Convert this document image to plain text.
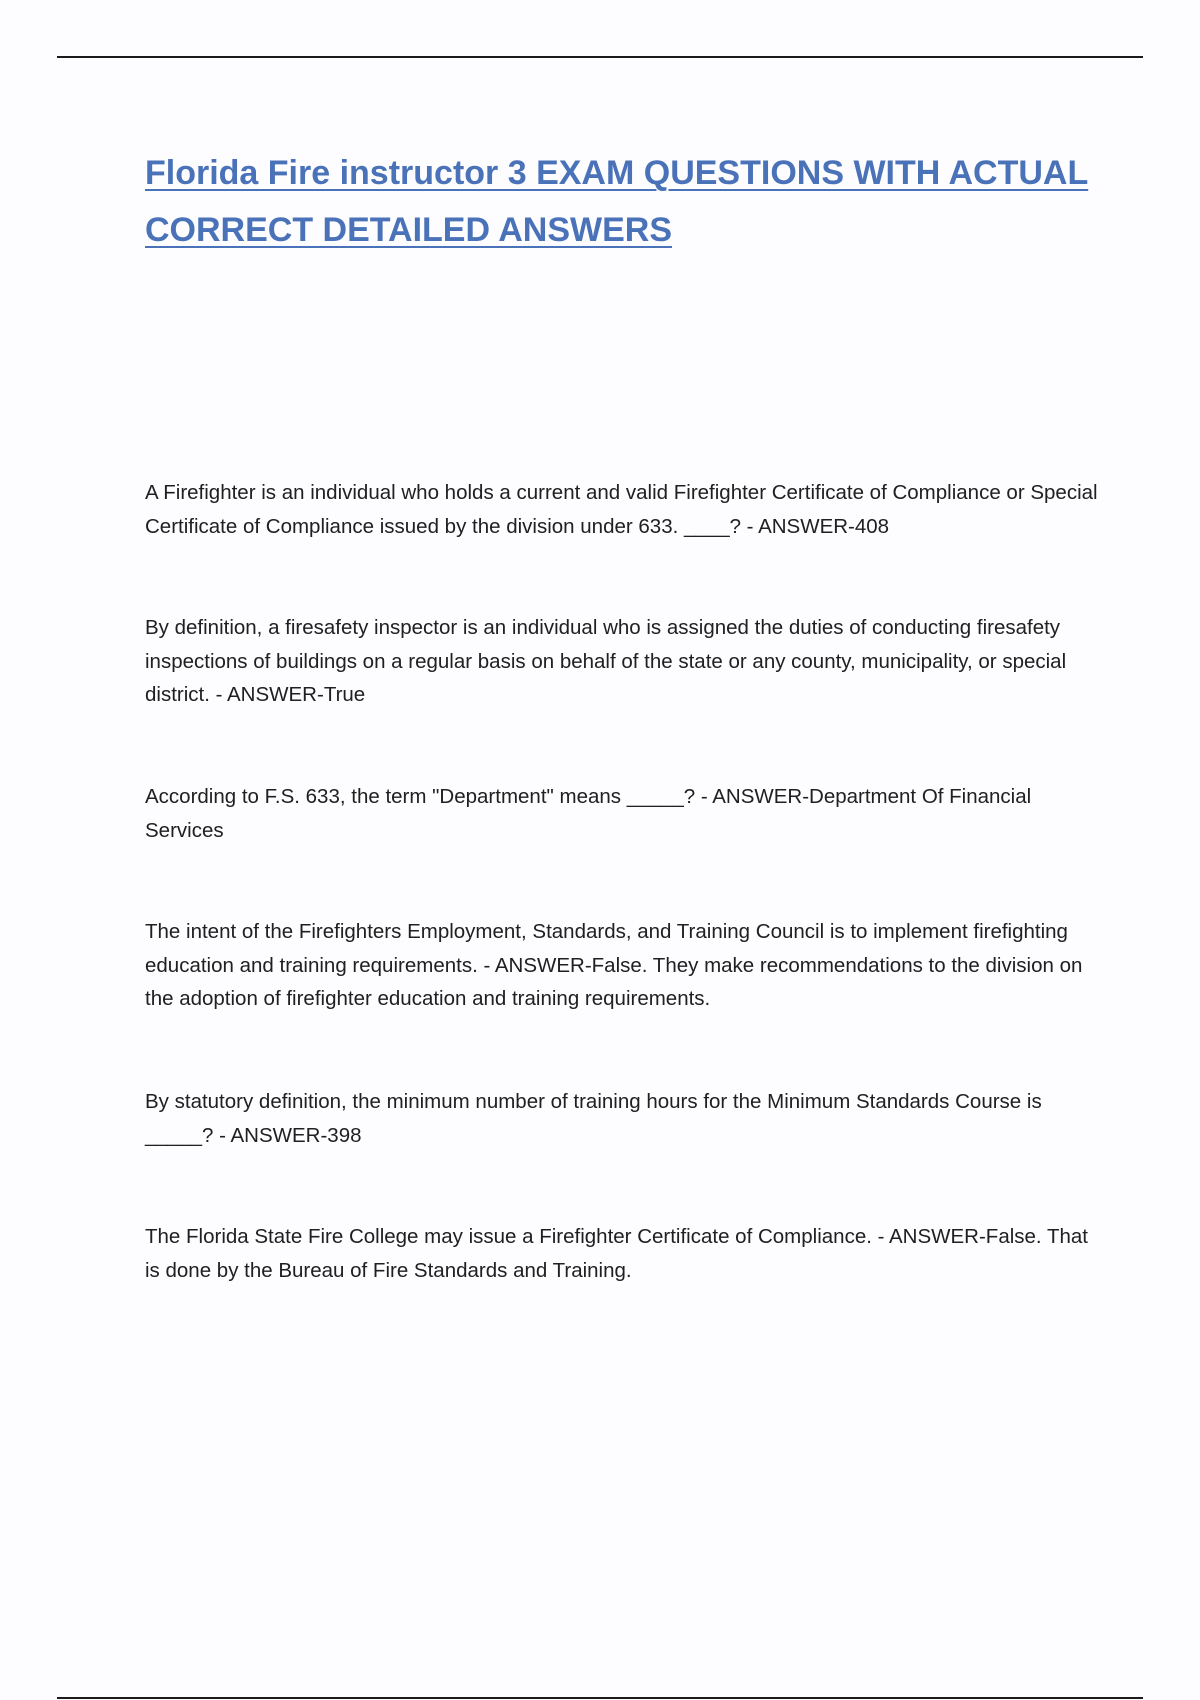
Florida Fire instructor 3 EXAM QUESTIONS WITH ACTUAL CORRECT DETAILED ANSWERS

A Firefighter is an individual who holds a current and valid Firefighter Certificate of Compliance or Special Certificate of Compliance issued by the division under 633. ____? - ANSWER-408

By definition, a firesafety inspector is an individual who is assigned the duties of conducting firesafety inspections of buildings on a regular basis on behalf of the state or any county, municipality, or special district. - ANSWER-True

According to F.S. 633, the term "Department" means _____? - ANSWER-Department Of Financial Services

The intent of the Firefighters Employment, Standards, and Training Council is to implement firefighting education and training requirements. - ANSWER-False. They make recommendations to the division on the adoption of firefighter education and training requirements.

By statutory definition, the minimum number of training hours for the Minimum Standards Course is _____? - ANSWER-398

The Florida State Fire College may issue a Firefighter Certificate of Compliance. - ANSWER-False. That is done by the Bureau of Fire Standards and Training.
